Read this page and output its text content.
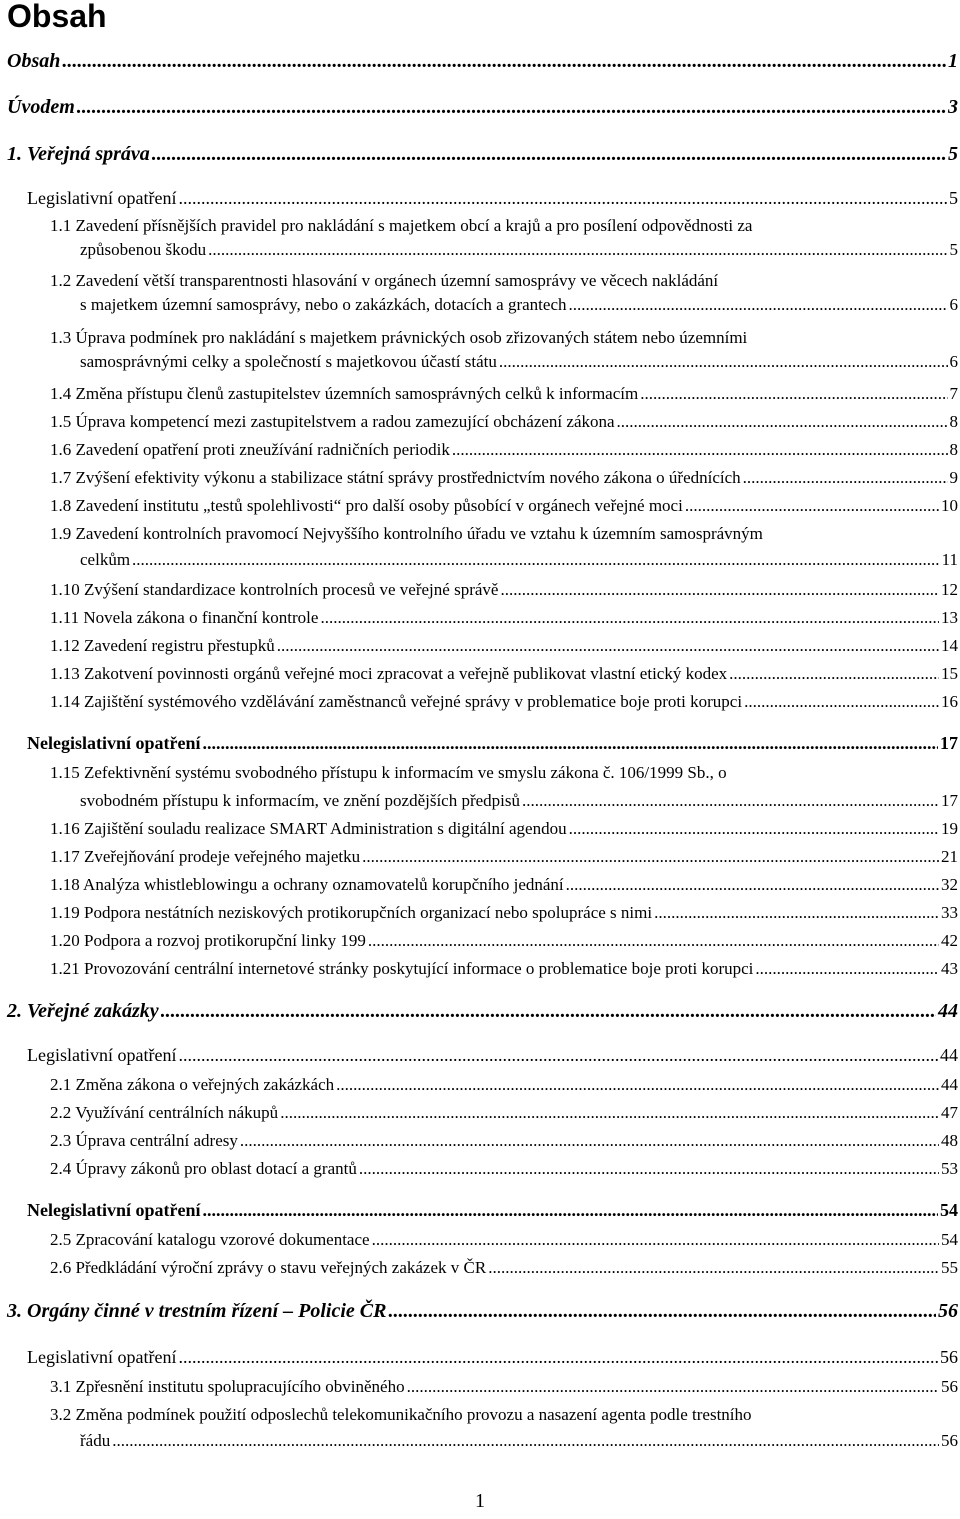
Obsah
Obsah .....	1
Úvodem .....	3
1. Veřejná správa .....	5
Legislativní opatření .....	5
1.1 Zavedení přísnějších pravidel pro nakládání s majetkem obcí a krajů a pro posílení odpovědnosti za
způsobenou škodu .....	5
1.2 Zavedení větší transparentnosti hlasování v orgánech územní samosprávy ve věcech nakládání
s majetkem územní samosprávy, nebo o zakázkách, dotacích a grantech .....	6
1.3 Úprava podmínek pro nakládání s majetkem právnických osob zřizovaných státem nebo územními
samosprávnými celky a společností s majetkovou účastí státu .....	6
1.4 Změna přístupu členů zastupitelstev územních samosprávných celků k informacím .....	7
1.5 Úprava kompetencí mezi zastupitelstvem a radou zamezující obcházení zákona .....	8
1.6 Zavedení opatření proti zneužívání radničních periodik .....	8
1.7 Zvýšení efektivity výkonu a stabilizace státní správy prostřednictvím nového zákona o úřednících .....	9
1.8 Zavedení institutu „testů spolehlivosti“ pro další osoby působící v orgánech veřejné moci .....	10
1.9 Zavedení kontrolních pravomocí Nejvyššího kontrolního úřadu ve vztahu k územním samosprávným
celkům .....	11
1.10 Zvýšení standardizace kontrolních procesů ve veřejné správě .....	12
1.11 Novela zákona o finanční kontrole .....	13
1.12 Zavedení registru přestupků .....	14
1.13 Zakotvení povinnosti orgánů veřejné moci zpracovat a veřejně publikovat vlastní etický kodex .....	15
1.14 Zajištění systémového vzdělávání zaměstnanců veřejné správy v problematice boje proti korupci .....	16
Nelegislativní opatření .....	17
1.15 Zefektivnění systému svobodného přístupu k informacím ve smyslu zákona č. 106/1999 Sb., o
svobodném přístupu k informacím, ve znění pozdějších předpisů .....	17
1.16 Zajištění souladu realizace SMART Administration s digitální agendou .....	19
1.17 Zveřejňování prodeje veřejného majetku .....	21
1.18 Analýza whistleblowingu a ochrany oznamovatelů korupčního jednání .....	32
1.19 Podpora nestátních neziskových protikorupčních organizací nebo spolupráce s nimi .....	33
1.20 Podpora a rozvoj protikorupční linky 199 .....	42
1.21 Provozování centrální internetové stránky poskytující informace o problematice boje proti korupci .....	43
2. Veřejné zakázky .....	44
Legislativní opatření .....	44
2.1 Změna zákona o veřejných zakázkách .....	44
2.2 Využívání centrálních nákupů .....	47
2.3 Úprava centrální adresy .....	48
2.4 Úpravy zákonů pro oblast dotací a grantů .....	53
Nelegislativní opatření .....	54
2.5 Zpracování katalogu vzorové dokumentace .....	54
2.6 Předkládání výroční zprávy o stavu veřejných zakázek v ČR .....	55
3. Orgány činné v trestním řízení – Policie ČR .....	56
Legislativní opatření .....	56
3.1 Zpřesnění institutu spolupracujícího obviněného .....	56
3.2 Změna podmínek použití odposlechů telekomunikačního provozu a nasazení agenta podle trestního
řádu .....	56
1
